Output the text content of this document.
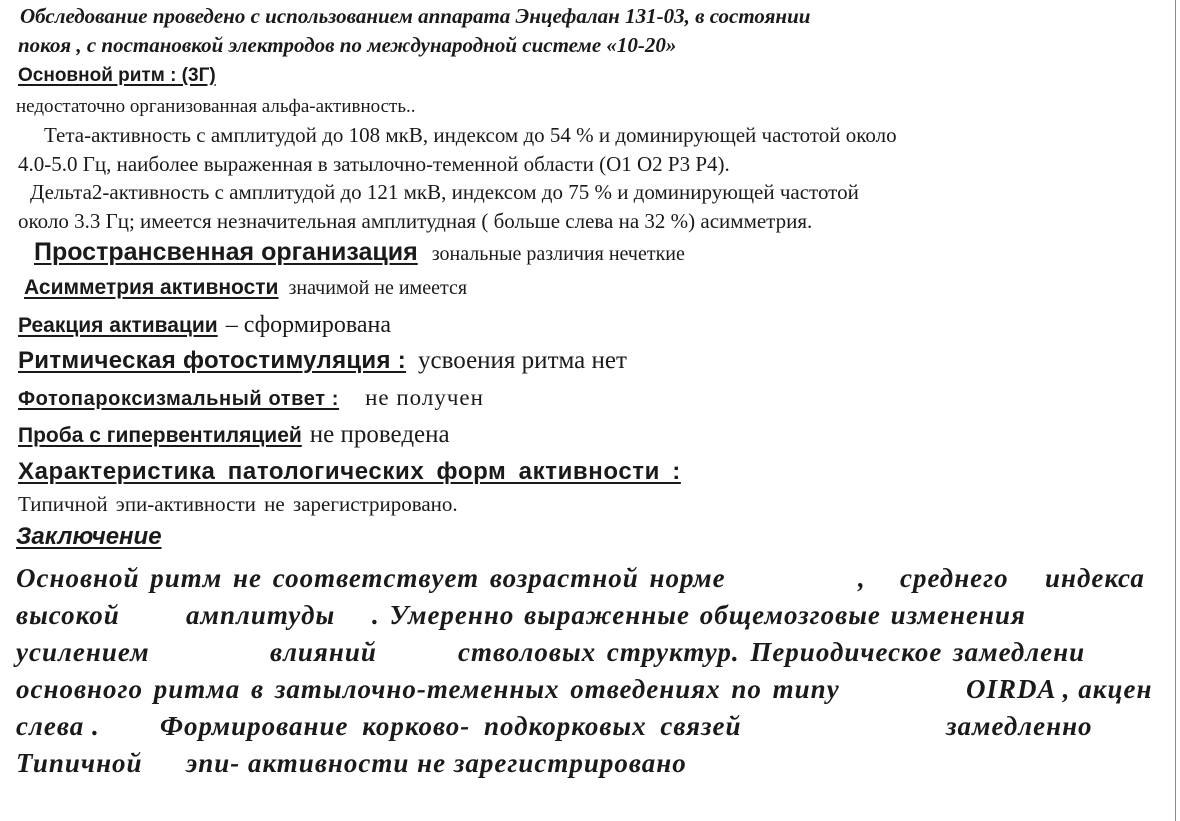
Обследование проведено с использованием аппарата Энцефалан 131-03, в состоянии
покоя , с постановкой электродов по международной системе «10-20»
Основной ритм : (3Г)
недостаточно организованная альфа-активность..
Тета-активность с амплитудой до 108 мкВ, индексом до 54 % и доминирующей частотой около
4.0-5.0 Гц, наиболее выраженная в затылочно-теменной области (О1 О2 Р3 Р4).
Дельта2-активность с амплитудой до 121 мкВ, индексом до 75 % и доминирующей частотой
около 3.3 Гц; имеется незначительная амплитудная ( больше слева на 32 %) асимметрия.
Пространсвенная организация зональные различия нечеткие
Асимметрия активности значимой не имеется
Реакция активации – сформирована
Ритмическая фотостимуляция : усвоения ритма нет
Фотопароксизмальный ответ : не получен
Проба с гипервентиляцией не проведена
Характеристика патологических форм активности :
Типичной эпи-активности не зарегистрировано.
Заключение
Основной ритм не соответствует возрастной норме	, среднего индекса
высокой амплитуды . Умеренно выраженные общемозговые изменения
усилением	влияний	стволовых структур. Периодическое замедлени
основного ритма в затылочно-теменных отведениях по типу	OIRDA , акцен
слева . Формирование корково- подкорковых связей	замедленно
Типичной эпи- активности не зарегистрировано
